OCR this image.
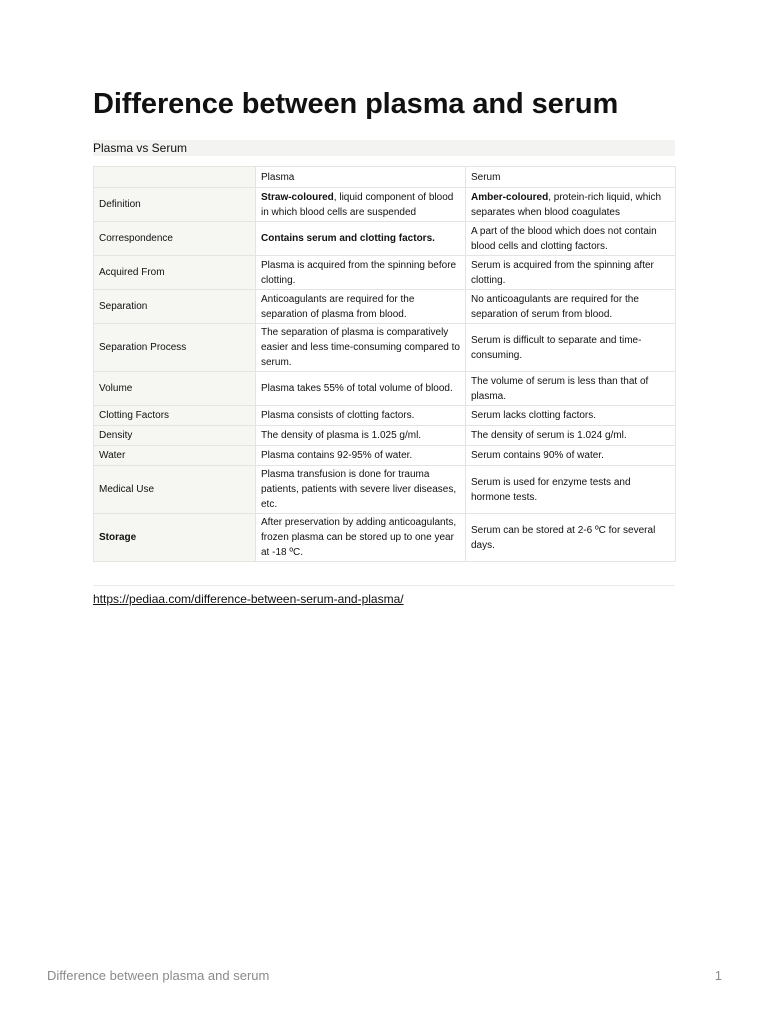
Difference between plasma and serum
Plasma vs Serum
	Plasma	Serum
Definition	Straw-coloured, liquid component of blood in which blood cells are suspended	Amber-coloured, protein-rich liquid, which separates when blood coagulates
Correspondence	Contains serum and clotting factors.	A part of the blood which does not contain blood cells and clotting factors.
Acquired From	Plasma is acquired from the spinning before clotting.	Serum is acquired from the spinning after clotting.
Separation	Anticoagulants are required for the separation of plasma from blood.	No anticoagulants are required for the separation of serum from blood.
Separation Process	The separation of plasma is comparatively easier and less time-consuming compared to serum.	Serum is difficult to separate and time-consuming.
Volume	Plasma takes 55% of total volume of blood.	The volume of serum is less than that of plasma.
Clotting Factors	Plasma consists of clotting factors.	Serum lacks clotting factors.
Density	The density of plasma is 1.025 g/ml.	The density of serum is 1.024 g/ml.
Water	Plasma contains 92-95% of water.	Serum contains 90% of water.
Medical Use	Plasma transfusion is done for trauma patients, patients with severe liver diseases, etc.	Serum is used for enzyme tests and hormone tests.
Storage	After preservation by adding anticoagulants, frozen plasma can be stored up to one year at -18 ºC.	Serum can be stored at 2-6 ºC for several days.
https://pediaa.com/difference-between-serum-and-plasma/
Difference between plasma and serum	1
